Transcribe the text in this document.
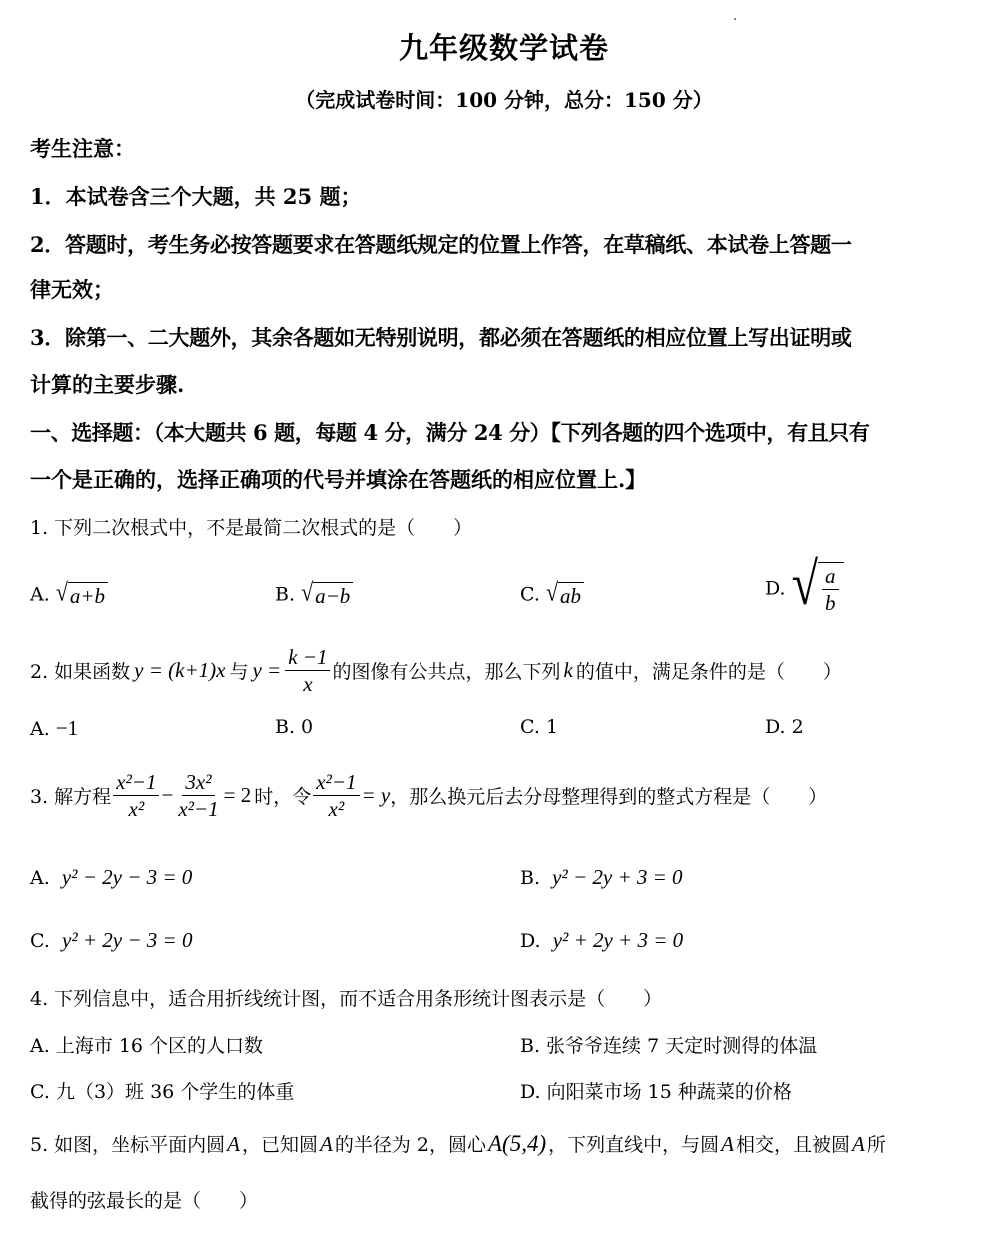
九年级数学试卷
（完成试卷时间：100 分钟，总分：150 分）
考生注意：
1．本试卷含三个大题，共 25 题；
2．答题时，考生务必按答题要求在答题纸规定的位置上作答，在草稿纸、本试卷上答题一
律无效；
3．除第一、二大题外，其余各题如无特别说明，都必须在答题纸的相应位置上写出证明或
计算的主要步骤.
一、选择题：（本大题共 6 题，每题 4 分，满分 24 分）【下列各题的四个选项中，有且只有
一个是正确的，选择正确项的代号并填涂在答题纸的相应位置上.】
1. 下列二次根式中，不是最简二次根式的是（　　）
A. √ a+b	B. √ a−b	C. √ ab	D. √ $\frac{a}{b}$
2. 如果函数 y = (k+1)x 与 $y = \frac{k -1}{x}$ 的图像有公共点，那么下列 k 的值中，满足条件的是（　　）
A. −1	B. 0	C. 1	D. 2
3. 解方程 $\frac{\text{x²−1}}{\text{x²}} - \frac{\text{3x²}}{\text{x²−1}} = 2$ 时，令 $\frac{\text{x²−1}}{\text{x²}} = y$ ，那么换元后去分母整理得到的整式方程是（　　）
A. y² − 2y − 3 = 0	B. y² − 2y + 3 = 0
C. y² + 2y − 3 = 0	D. y² + 2y + 3 = 0
4. 下列信息中，适合用折线统计图，而不适合用条形统计图表示是（　　）
A. 上海市 16 个区的人口数	B. 张爷爷连续 7 天定时测得的体温
C. 九（3）班 36 个学生的体重	D. 向阳菜市场 15 种蔬菜的价格
5. 如图，坐标平面内圆A ，已知圆A 的半径为 2，圆心A(5,4) ，下列直线中，与圆A 相交，且被圆A 所
截得的弦最长的是（　　）
